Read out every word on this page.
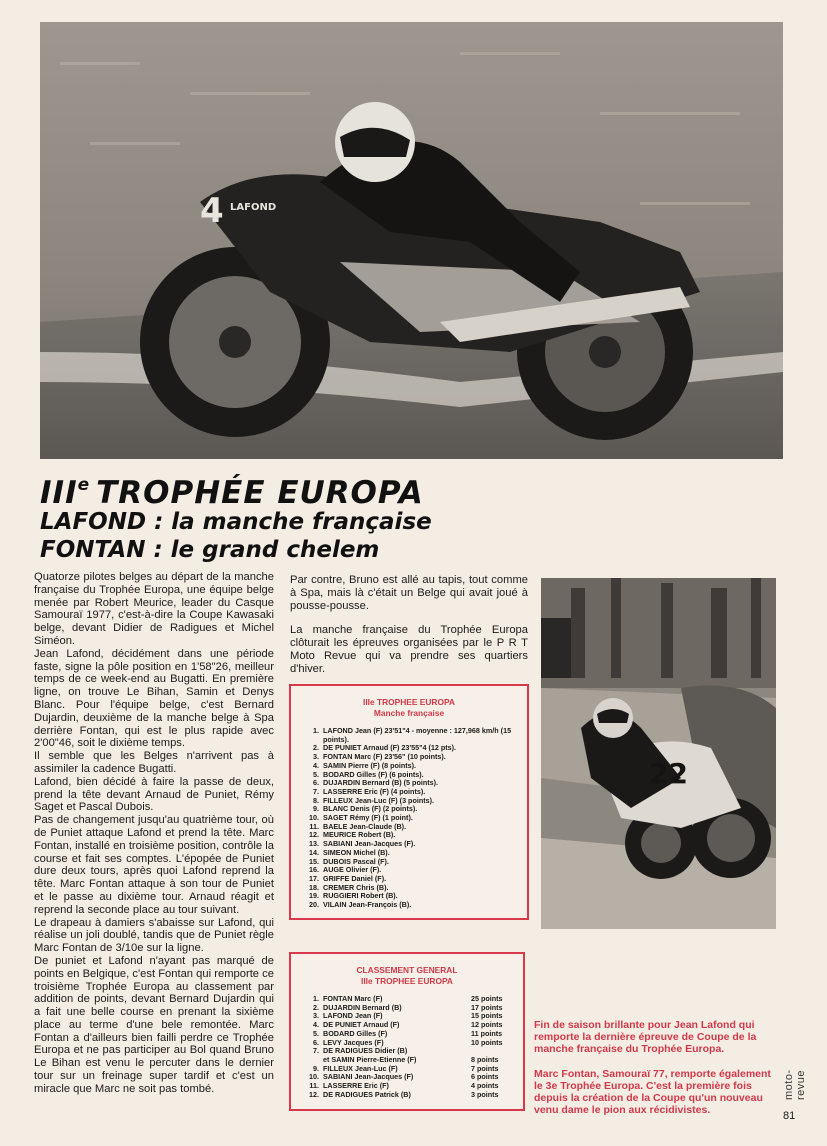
4 LAFOND
IIIe TROPHÉE EUROPA
LAFOND : la manche française
FONTAN : le grand chelem

Quatorze pilotes belges au départ de la manche française du Trophée Europa, une équipe belge menée par Robert Meurice, leader du Casque Samouraï 1977, c'est-à-dire la Coupe Kawasaki belge, devant Didier de Radigues et Michel Siméon.

Jean Lafond, décidément dans une période faste, signe la pôle position en 1'58"26, meilleur temps de ce week-end au Bugatti. En première ligne, on trouve Le Bihan, Samin et Denys Blanc. Pour l'équipe belge, c'est Bernard Dujardin, deuxième de la manche belge à Spa derrière Fontan, qui est le plus rapide avec 2'00"46, soit le dixième temps.

Il semble que les Belges n'arrivent pas à assimiler la cadence Bugatti.

Lafond, bien décidé à faire la passe de deux, prend la tête devant Arnaud de Puniet, Rémy Saget et Pascal Dubois.

Pas de changement jusqu'au quatrième tour, où de Puniet attaque Lafond et prend la tête. Marc Fontan, installé en troisième position, contrôle la course et fait ses comptes. L'épopée de Puniet dure deux tours, après quoi Lafond reprend la tête. Marc Fontan attaque à son tour de Puniet et le passe au dixième tour. Arnaud réagit et reprend la seconde place au tour suivant.

Le drapeau à damiers s'abaisse sur Lafond, qui réalise un joli doublé, tandis que de Puniet règle Marc Fontan de 3/10e sur la ligne.

De puniet et Lafond n'ayant pas marqué de points en Belgique, c'est Fontan qui remporte ce troisième Trophée Europa au classement par addition de points, devant Bernard Dujardin qui a fait une belle course en prenant la sixième place au terme d'une bele remontée. Marc Fontan a d'ailleurs bien failli perdre ce Trophée Europa et ne pas participer au Bol quand Bruno Le Bihan est venu le percuter dans le dernier tour sur un freinage super tardif et c'est un miracle que Marc ne soit pas tombé.

Par contre, Bruno est allé au tapis, tout comme à Spa, mais là c'était un Belge qui avait joué à pousse-pousse.

La manche française du Trophée Europa clôturait les épreuves organisées par le P R T Moto Revue qui va prendre ses quartiers d'hiver.

IIIe TROPHEE EUROPA
Manche française
1. LAFOND Jean (F) 23'51"4 - moyenne : 127,968 km/h (15 points).
2. DE PUNIET Arnaud (F) 23'55"4 (12 pts).
3. FONTAN Marc (F) 23'56" (10 points).
4. SAMIN Pierre (F) (8 points).
5. BODARD Gilles (F) (6 points).
6. DUJARDIN Bernard (B) (5 points).
7. LASSERRE Eric (F) (4 points).
8. FILLEUX Jean-Luc (F) (3 points).
9. BLANC Denis (F) (2 points).
10. SAGET Rémy (F) (1 point).
11. BAELE Jean-Claude (B).
12. MEURICE Robert (B).
13. SABIANI Jean-Jacques (F).
14. SIMEON Michel (B).
15. DUBOIS Pascal (F).
16. AUGE Olivier (F).
17. GRIFFE Daniel (F).
18. CREMER Chris (B).
19. RUGGIERI Robert (B).
20. VILAIN Jean-François (B).
CLASSEMENT GENERAL
IIIe TROPHEE EUROPA
1. FONTAN Marc (F)	25 points
2. DUJARDIN Bernard (B)	17 points
3. LAFOND Jean (F)	15 points
4. DE PUNIET Arnaud (F)	12 points
5. BODARD Gilles (F)	11 points
6. LEVY Jacques (F)	10 points
7. DE RADIGUES Didier (B)
et SAMIN Pierre-Etienne (F)	8 points
9. FILLEUX Jean-Luc (F)	7 points
10. SABIANI Jean-Jacques (F)	6 points
11. LASSERRE Eric (F)	4 points
12. DE RADIGUES Patrick (B)	3 points
22

Fin de saison brillante pour Jean Lafond qui remporte la dernière épreuve de Coupe de la manche française du Trophée Europa.

Marc Fontan, Samouraï 77, remporte également le 3e Trophée Europa. C'est la première fois depuis la création de la Coupe qu'un nouveau venu dame le pion aux récidivistes.

moto-revue
81
